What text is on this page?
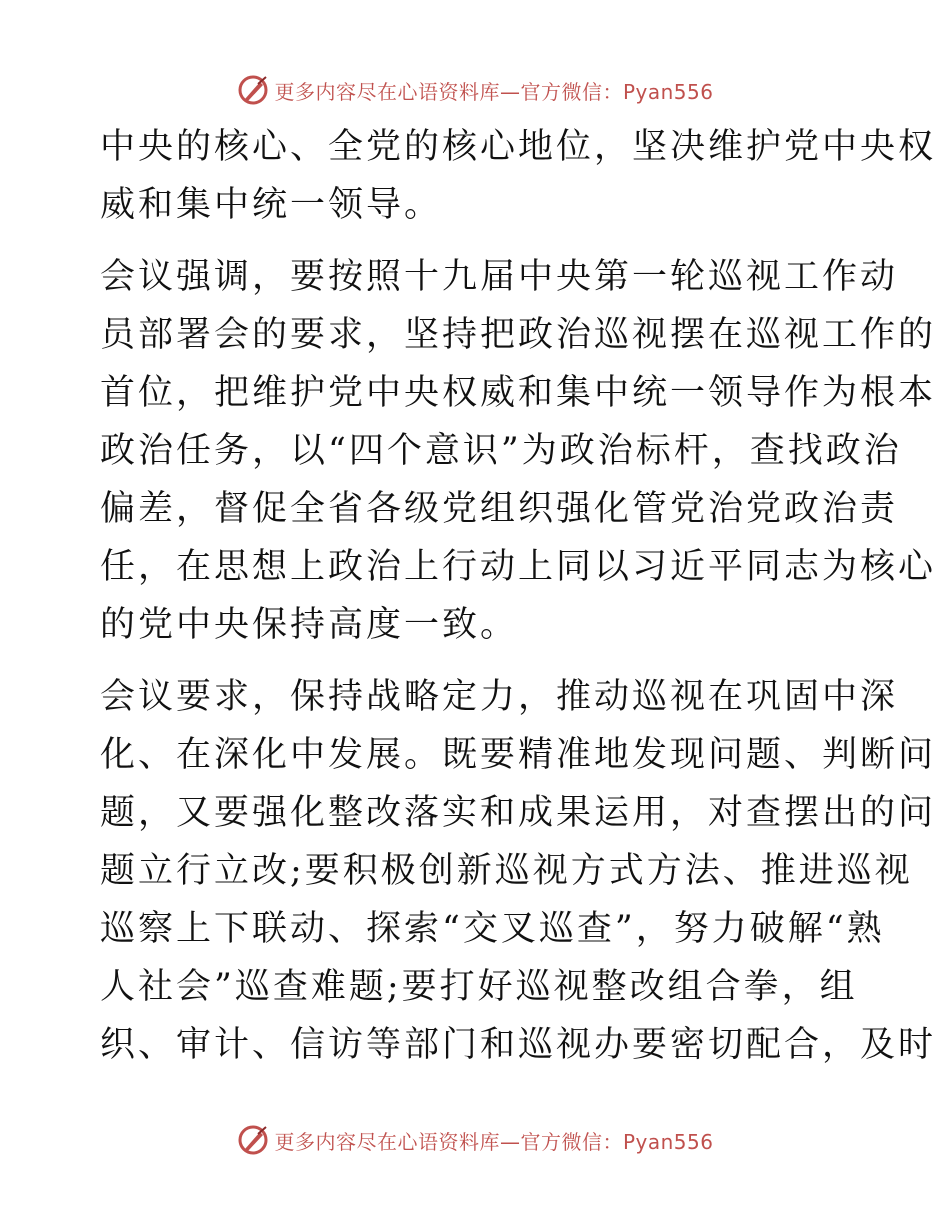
更多内容尽在心语资料库—官方微信：Pyan556
中央的核心、全党的核心地位，坚决维护党中央权
威和集中统一领导。
会议强调，要按照十九届中央第一轮巡视工作动
员部署会的要求，坚持把政治巡视摆在巡视工作的
首位，把维护党中央权威和集中统一领导作为根本
政治任务，以“四个意识”为政治标杆，查找政治
偏差，督促全省各级党组织强化管党治党政治责
任，在思想上政治上行动上同以习近平同志为核心
的党中央保持高度一致。
会议要求，保持战略定力，推动巡视在巩固中深
化、在深化中发展。既要精准地发现问题、判断问
题，又要强化整改落实和成果运用，对查摆出的问
题立行立改;要积极创新巡视方式方法、推进巡视
巡察上下联动、探索“交叉巡查”，努力破解“熟
人社会”巡查难题;要打好巡视整改组合拳，组
织、审计、信访等部门和巡视办要密切配合，及时
更多内容尽在心语资料库—官方微信：Pyan556
